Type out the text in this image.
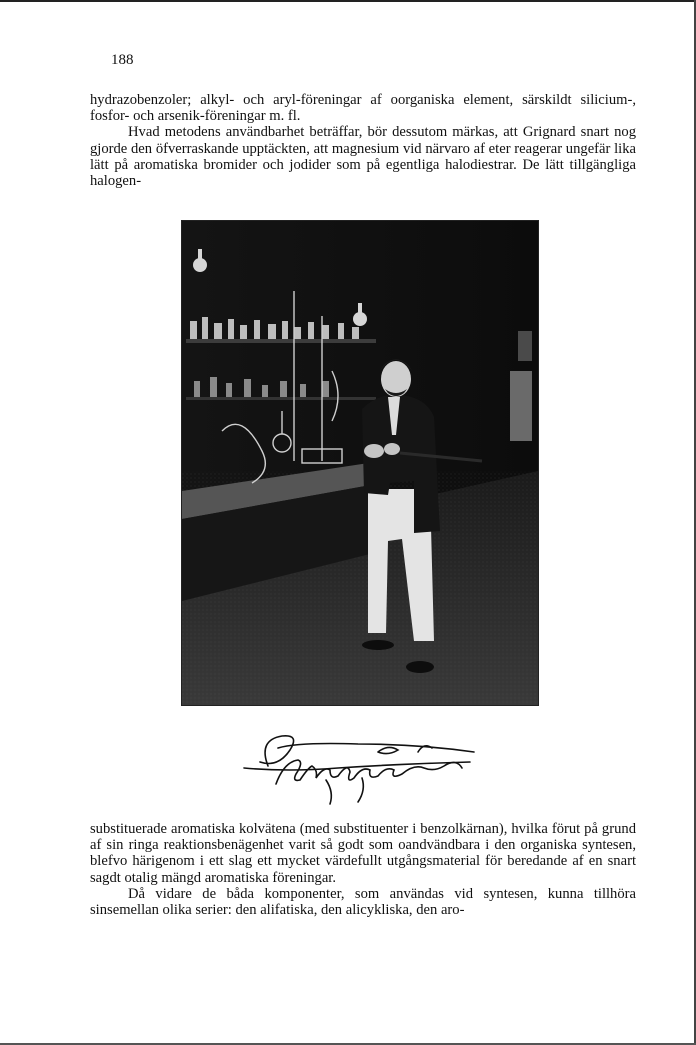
188

hydrazobenzoler; alkyl- och aryl-föreningar af oorganiska element, särskildt silicium-, fosfor- och arsenik-föreningar m. fl.

Hvad metodens användbarhet beträffar, bör dessutom märkas, att Grignard snart nog gjorde den öfverraskande upptäckten, att magnesium vid närvaro af eter reagerar ungefär lika lätt på aromatiska bromider och jodider som på egentliga halodiestrar. De lätt tillgängliga halogen-

substituerade aromatiska kolvätena (med substituenter i benzolkärnan), hvilka förut på grund af sin ringa reaktionsbenägenhet varit så godt som oandvändbara i den organiska syntesen, blefvo härigenom i ett slag ett mycket värdefullt utgångsmaterial för beredande af en snart sagdt otalig mängd aromatiska föreningar.

Då vidare de båda komponenter, som användas vid syntesen, kunna tillhöra sinsemellan olika serier: den alifatiska, den alicykliska, den aro-
